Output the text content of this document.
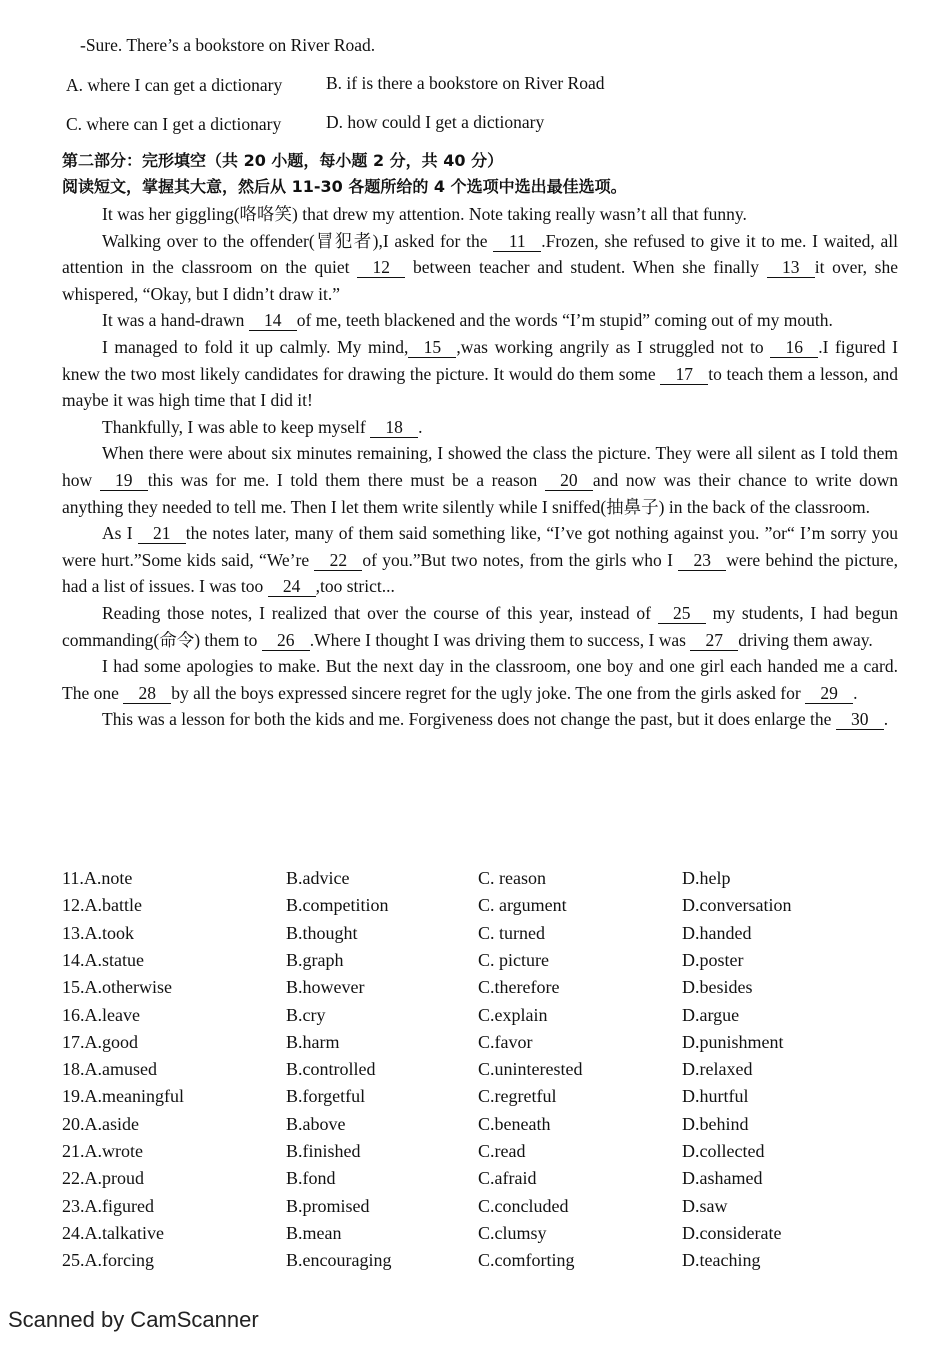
-Sure. There’s a bookstore on River Road.
A. where I can get a dictionary	B. if is there a bookstore on River Road
C. where can I get a dictionary	D. how could I get a dictionary
第二部分：完形填空（共 20 小题，每小题 2 分，共 40 分）
阅读短文，掌握其大意，然后从 11-30 各题所给的 4 个选项中选出最佳选项。
It was her giggling(咯咯笑) that drew my attention. Note taking really wasn’t all that funny.
Walking over to the offender(冒犯者),I asked for the 11 .Frozen, she refused to give it to me. I waited, all attention in the classroom on the quiet 12 between teacher and student. When she finally 13 it over, she whispered, “Okay, but I didn’t draw it.”
It was a hand-drawn 14 of me, teeth blackened and the words “I’m stupid” coming out of my mouth.
I managed to fold it up calmly. My mind, 15 ,was working angrily as I struggled not to 16 .I figured I knew the two most likely candidates for drawing the picture. It would do them some 17 to teach them a lesson, and maybe it was high time that I did it!
Thankfully, I was able to keep myself 18 .
When there were about six minutes remaining, I showed the class the picture. They were all silent as I told them how 19 this was for me. I told them there must be a reason 20 and now was their chance to write down anything they needed to tell me. Then I let them write silently while I sniffed(抽鼻子) in the back of the classroom.
As I 21 the notes later, many of them said something like, “I’ve got nothing against you. ”or“ I’m sorry you were hurt.”Some kids said, “We’re 22 of you.”But two notes, from the girls who I 23 were behind the picture, had a list of issues. I was too 24 ,too strict...
Reading those notes, I realized that over the course of this year, instead of 25 my students, I had begun commanding(命令) them to 26 .Where I thought I was driving them to success, I was 27 driving them away.
I had some apologies to make. But the next day in the classroom, one boy and one girl each handed me a card. The one 28 by all the boys expressed sincere regret for the ugly joke. The one from the girls asked for 29 .
This was a lesson for both the kids and me. Forgiveness does not change the past, but it does enlarge the 30 .
11.A.note	B.advice	C. reason	D.help
12.A.battle	B.competition	C. argument	D.conversation
13.A.took	B.thought	C. turned	D.handed
14.A.statue	B.graph	C. picture	D.poster
15.A.otherwise	B.however	C.therefore	D.besides
16.A.leave	B.cry	C.explain	D.argue
17.A.good	B.harm	C.favor	D.punishment
18.A.amused	B.controlled	C.uninterested	D.relaxed
19.A.meaningful	B.forgetful	C.regretful	D.hurtful
20.A.aside	B.above	C.beneath	D.behind
21.A.wrote	B.finished	C.read	D.collected
22.A.proud	B.fond	C.afraid	D.ashamed
23.A.figured	B.promised	C.concluded	D.saw
24.A.talkative	B.mean	C.clumsy	D.considerate
25.A.forcing	B.encouraging	C.comforting	D.teaching
Scanned by CamScanner
